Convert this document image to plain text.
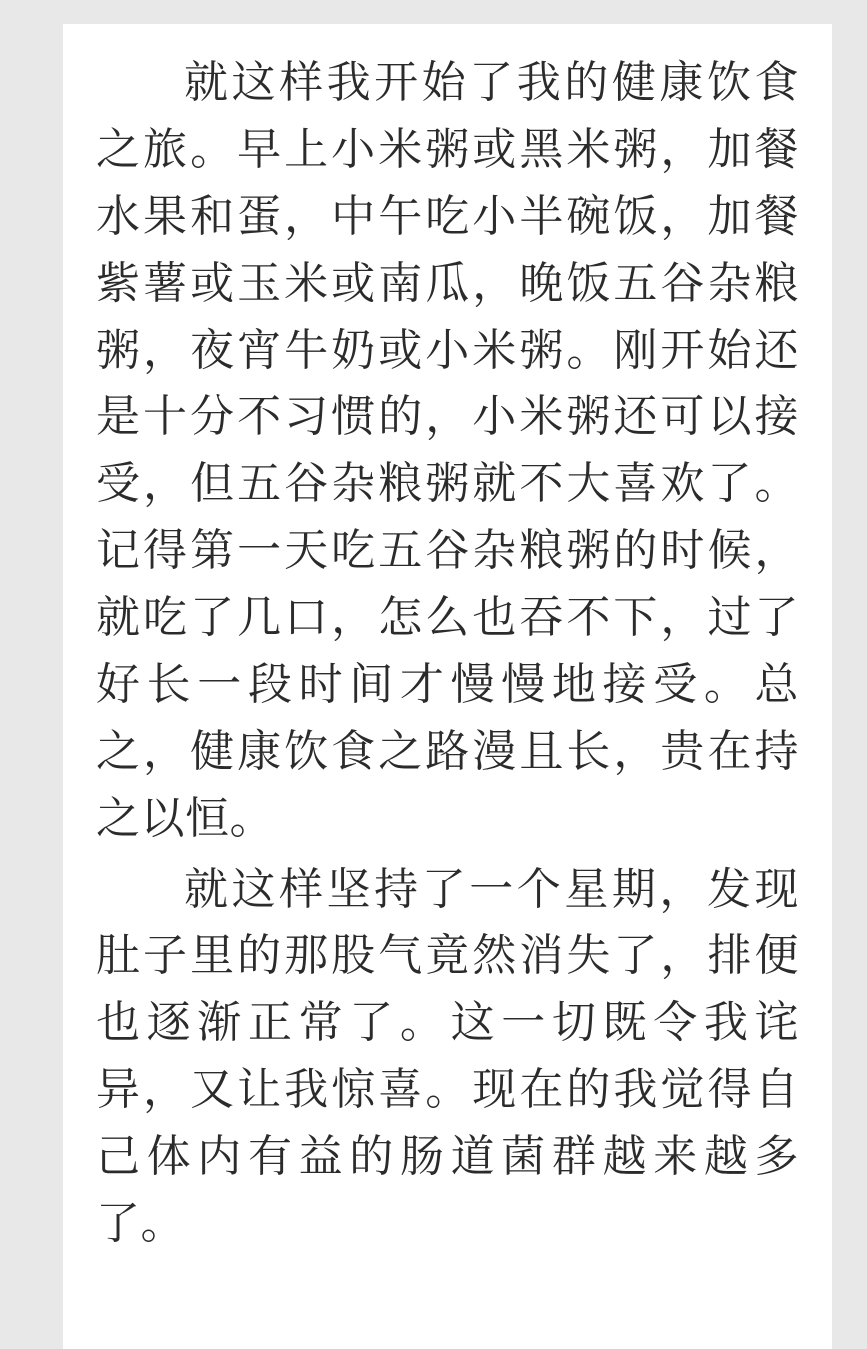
就这样我开始了我的健康饮食之旅。早上小米粥或黑米粥，加餐水果和蛋，中午吃小半碗饭，加餐紫薯或玉米或南瓜，晚饭五谷杂粮粥，夜宵牛奶或小米粥。刚开始还是十分不习惯的，小米粥还可以接受，但五谷杂粮粥就不大喜欢了。记得第一天吃五谷杂粮粥的时候，就吃了几口，怎么也吞不下，过了好长一段时间才慢慢地接受。总之，健康饮食之路漫且长，贵在持之以恒。

就这样坚持了一个星期，发现肚子里的那股气竟然消失了，排便也逐渐正常了。这一切既令我诧异，又让我惊喜。现在的我觉得自己体内有益的肠道菌群越来越多了。
